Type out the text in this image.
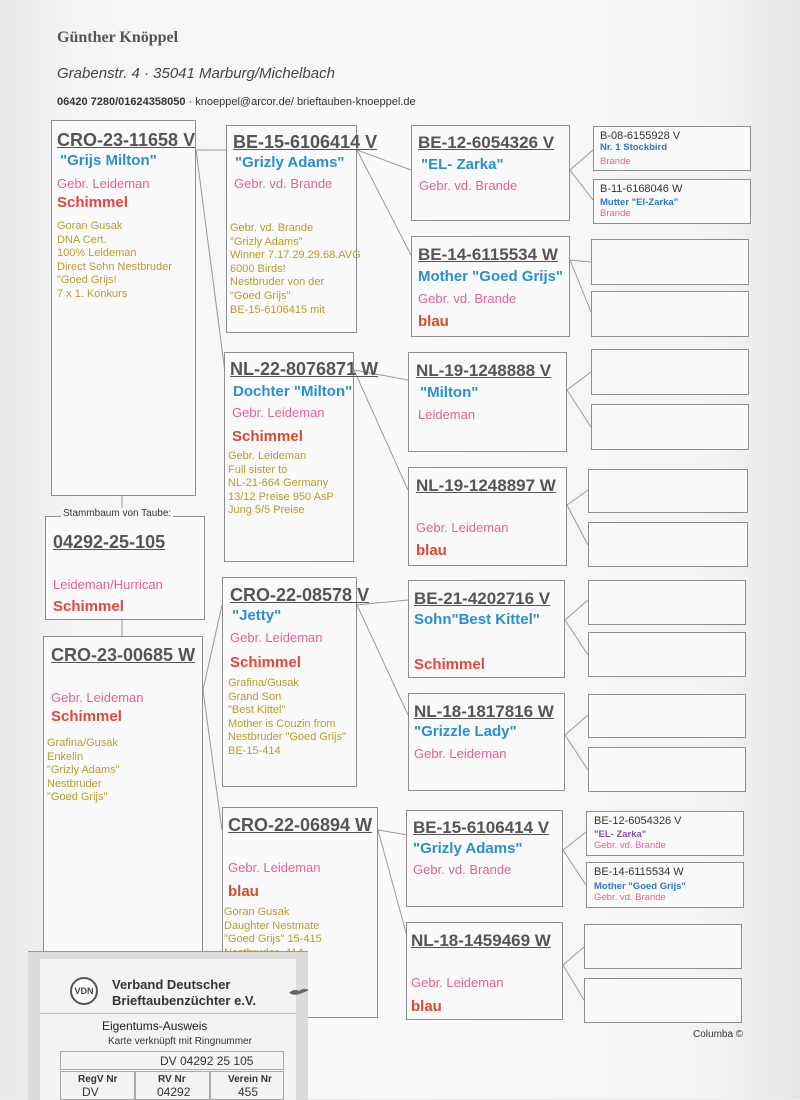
Günther Knöppel
Grabenstr. 4 · 35041 Marburg/Michelbach
06420 7280/01624358050 · knoeppel@arcor.de/ brieftauben-knoeppel.de
CRO-23-11658 V
"Grijs Milton"
Gebr. Leideman
Schimmel
Goran Gusak
DNA Cert.
100% Leideman
Direct Sohn Nestbruder
"Goed Grijs!
7 x 1. Konkurs
Stammbaum von Taube:
04292-25-105
Leideman/Hurrican
Schimmel
CRO-23-00685 W
Gebr. Leideman
Schimmel
Grafina/Gusak
Enkelin
"Grizly Adams"
Nestbruder
"Goed Grijs"
BE-15-6106414 V
"Grizly Adams"
Gebr. vd. Brande
Gebr. vd. Brande
"Grizly Adams"
Winner 7.17.29.29.68.AVG
6000 Birds!
Nestbruder von der
"Goed Grijs"
BE-15-6106415 mit
NL-22-8076871 W
Dochter "Milton"
Gebr. Leideman
Schimmel
Gebr. Leideman
Full sister to
NL-21-664 Germany
13/12 Preise 950 AsP
Jung 5/5 Preise
CRO-22-08578 V
"Jetty"
Gebr. Leideman
Schimmel
Grafina/Gusak
Grand Son
"Best Kittel"
Mother is Couzin from
Nestbruder "Goed Grijs"
BE-15-414
CRO-22-06894 W
Gebr. Leideman
blau
Goran Gusak
Daughter Nestmate
"Goed Grijs" 15-415

BE-12-6054326 V
"EL- Zarka"
Gebr. vd. Brande
BE-14-6115534 W
Mother "Goed Grijs"
Gebr. vd. Brande
blau
NL-19-1248888 V
"Milton"
Leideman
NL-19-1248897 W
Gebr. Leideman
blau
BE-21-4202716 V
Sohn"Best Kittel"
Schimmel
NL-18-1817816 W
"Grizzle Lady"
Gebr. Leideman
BE-15-6106414 V
"Grizly Adams"
Gebr. vd. Brande
NL-18-1459469 W
Gebr. Leideman
blau
B-08-6155928 V
Nr. 1 Stockbird
Brande
B-11-6168046 W
Mutter "El-Zarka"
Brande
BE-12-6054326 V
"EL- Zarka"
Gebr. vd. Brande
BE-14-6115534 W
Mother "Goed Grijs"
Gebr. vd. Brande
Columba ©
VDN	Verband Deutscher
Brieftaubenzüchter e.V.
Eigentums-Ausweis
Karte verknüpft mit Ringnummer
DV 04292 25 105
RegV Nr	RV Nr	Verein Nr
DV	04292	455
